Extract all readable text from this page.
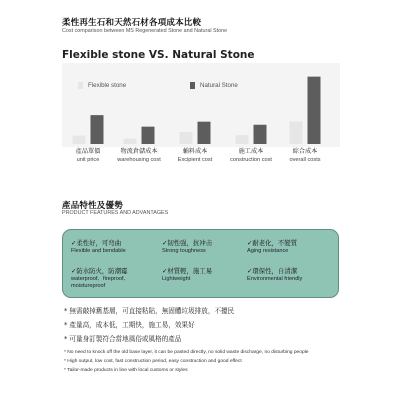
柔性再生石和天然石材各項成本比較
Cost comparison between MS Regenerated Stone and Natural Stone
Flexible stone VS. Natural Stone
Flexible stone	Natural Stone
產品單價
unit price
物流倉儲成本
warehousing cost
輔料成本
Excipient cost
施工成本
construction cost
綜合成本
overall costs
產品特性及優勢
PRODUCT FEATURES AND ADVANTAGES
✓柔性好，可弯曲
Flexible and bendable
✓韧性强，抗冲击
Strong toughness
✓耐老化，不變質
Aging resistance
✓防水防火，防潮霉
waterproof、fireproof、moistureproof
✓材質輕，施工易
Lightweight
✓環保性，自清潔
Environmental friendly
* 無需敲掉舊基層，可直接粘貼，無固體垃圾排放，不擾民
* 產量高，成本低，工期快，施工易，效果好
* 可量身訂製符合當地風俗或風格的產品
* No need to knock off the old base layer, it can be pasted directly, no solid waste discharge, no disturbing people
* High output, low cost, fast construction period, easy construction and good effect
* Tailor-made products in line with local customs or styles
